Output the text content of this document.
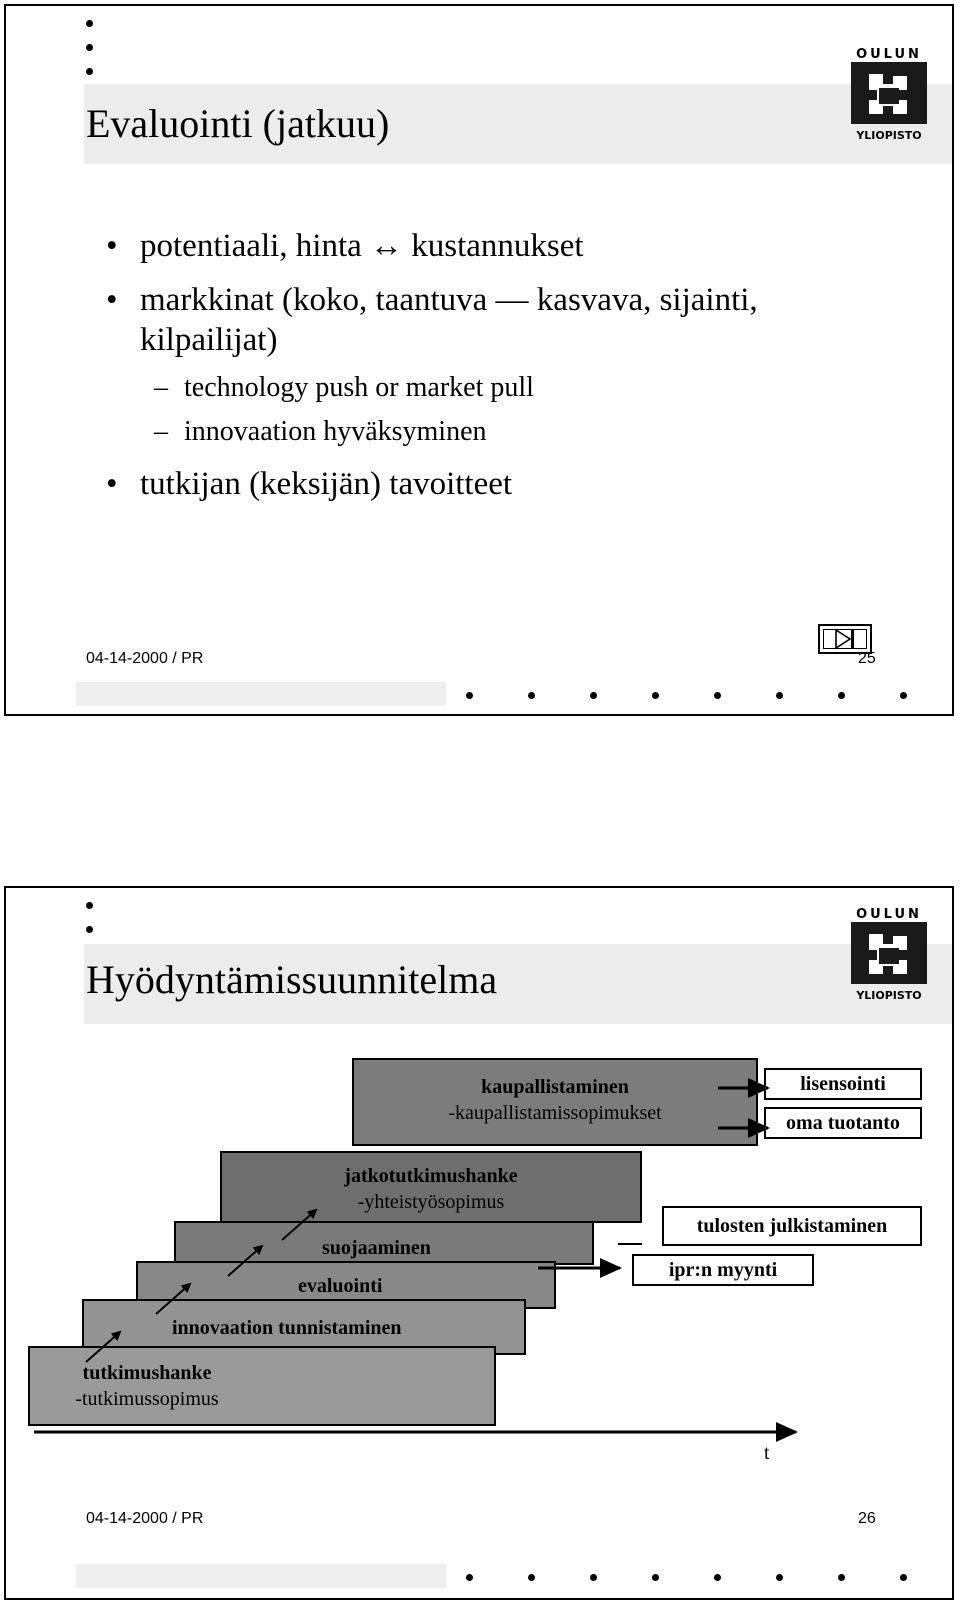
Evaluointi (jatkuu)
OULUN
YLIOPISTO
• potentiaali, hinta ↔ kustannukset
• markkinat (koko, taantuva — kasvava, sijainti,
kilpailijat)
– technology push or market pull
– innovaation hyväksyminen
• tutkijan (keksijän) tavoitteet
04-14-2000 / PR	25
Hyödyntämissuunnitelma
OULUN
YLIOPISTO
kaupallistaminen
-kaupallistamissopimukset
jatkotutkimushanke
-yhteistyösopimus
suojaaminen
evaluointi
innovaation tunnistaminen
tutkimushanke
-tutkimussopimus
lisensointi
oma tuotanto
tulosten julkistaminen
ipr:n myynti
t
04-14-2000 / PR	26
